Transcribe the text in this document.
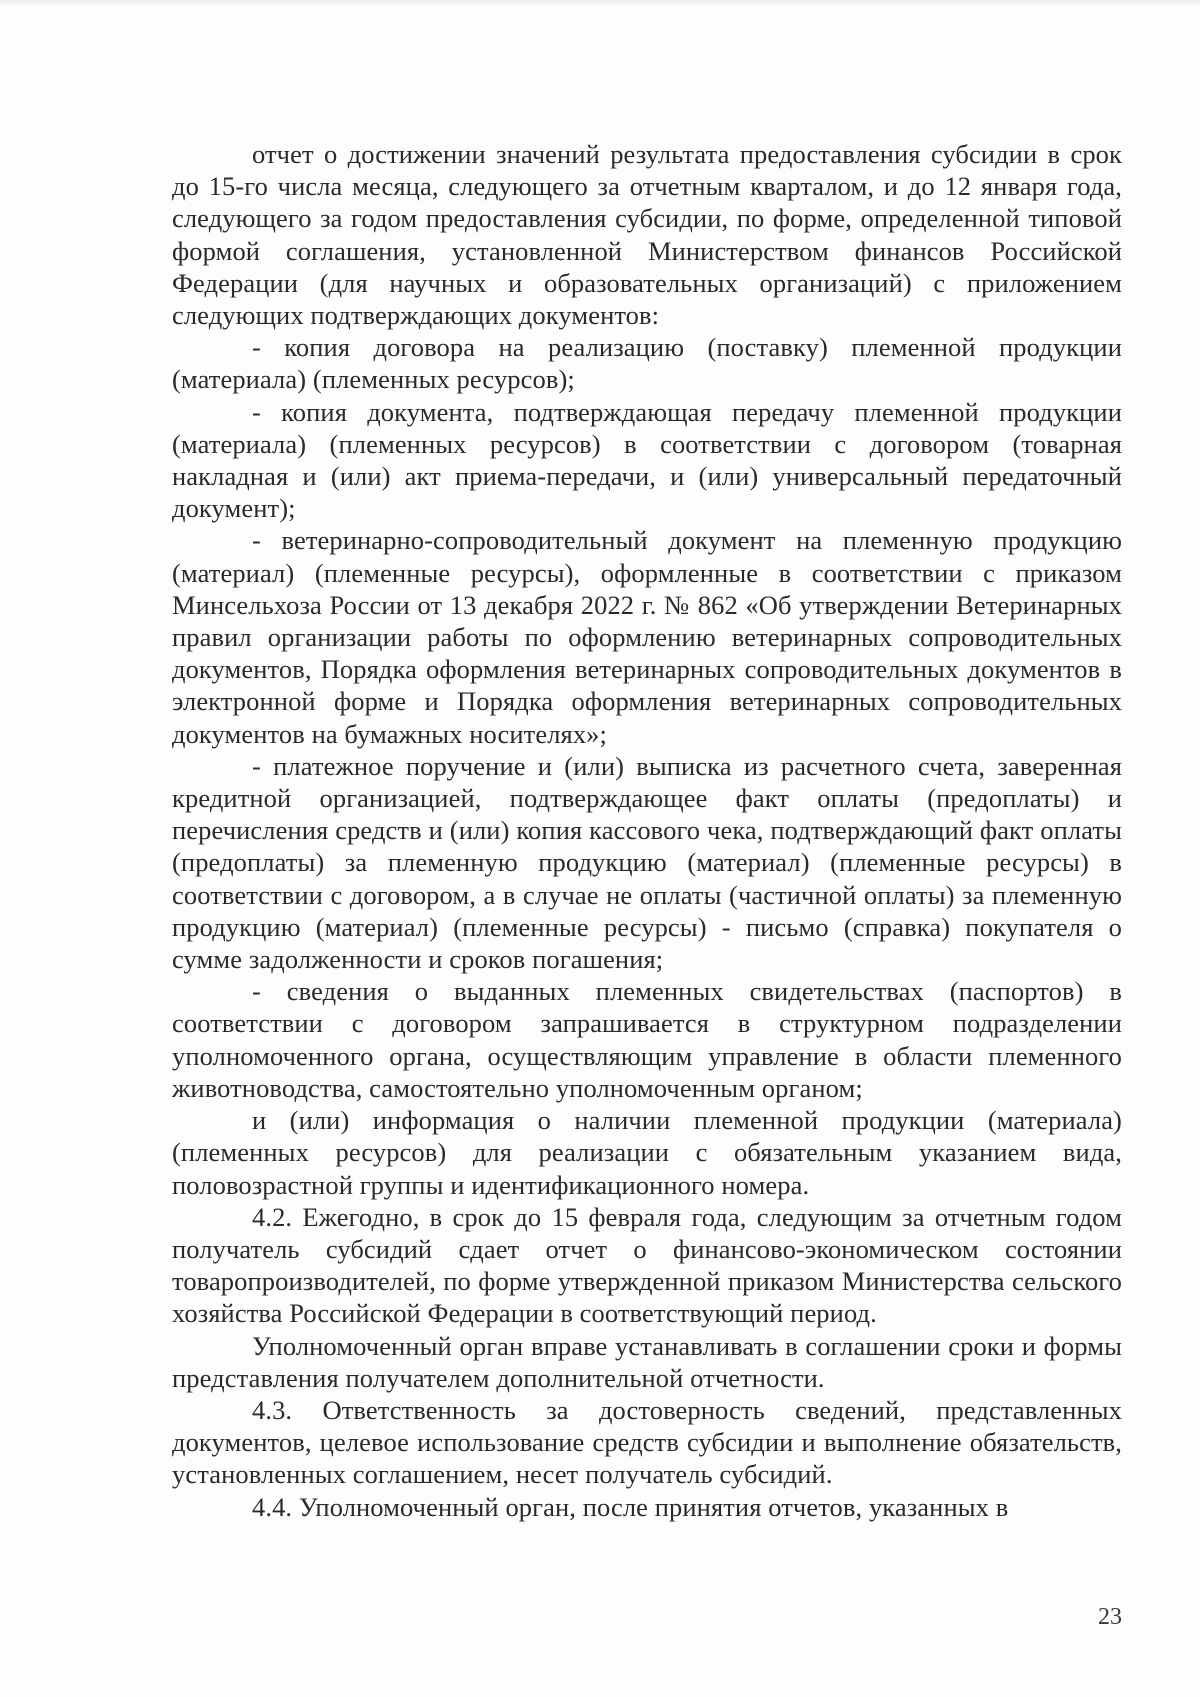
отчет о достижении значений результата предоставления субсидии в срок до 15-го числа месяца, следующего за отчетным кварталом, и до 12 января года, следующего за годом предоставления субсидии, по форме, определенной типовой формой соглашения, установленной Министерством финансов Российской Федерации (для научных и образовательных организаций) с приложением следующих подтверждающих документов:

- копия договора на реализацию (поставку) племенной продукции (материала) (племенных ресурсов);

- копия документа, подтверждающая передачу племенной продукции (материала) (племенных ресурсов) в соответствии с договором (товарная накладная и (или) акт приема-передачи, и (или) универсальный передаточный документ);

- ветеринарно-сопроводительный документ на племенную продукцию (материал) (племенные ресурсы), оформленные в соответствии с приказом Минсельхоза России от 13 декабря 2022 г. № 862 «Об утверждении Ветеринарных правил организации работы по оформлению ветеринарных сопроводительных документов, Порядка оформления ветеринарных сопроводительных документов в электронной форме и Порядка оформления ветеринарных сопроводительных документов на бумажных носителях»;

- платежное поручение и (или) выписка из расчетного счета, заверенная кредитной организацией, подтверждающее факт оплаты (предоплаты) и перечисления средств и (или) копия кассового чека, подтверждающий факт оплаты (предоплаты) за племенную продукцию (материал) (племенные ресурсы) в соответствии с договором, а в случае не оплаты (частичной оплаты) за племенную продукцию (материал) (племенные ресурсы) - письмо (справка) покупателя о сумме задолженности и сроков погашения;

- сведения о выданных племенных свидетельствах (паспортов) в соответствии с договором запрашивается в структурном подразделении уполномоченного органа, осуществляющим управление в области племенного животноводства, самостоятельно уполномоченным органом;

и (или) информация о наличии племенной продукции (материала) (племенных ресурсов) для реализации с обязательным указанием вида, половозрастной группы и идентификационного номера.

4.2. Ежегодно, в срок до 15 февраля года, следующим за отчетным годом получатель субсидий сдает отчет о финансово-экономическом состоянии товаропроизводителей, по форме утвержденной приказом Министерства сельского хозяйства Российской Федерации в соответствующий период.

Уполномоченный орган вправе устанавливать в соглашении сроки и формы представления получателем дополнительной отчетности.

4.3. Ответственность за достоверность сведений, представленных документов, целевое использование средств субсидии и выполнение обязательств, установленных соглашением, несет получатель субсидий.

4.4. Уполномоченный орган, после принятия отчетов, указанных в

23
